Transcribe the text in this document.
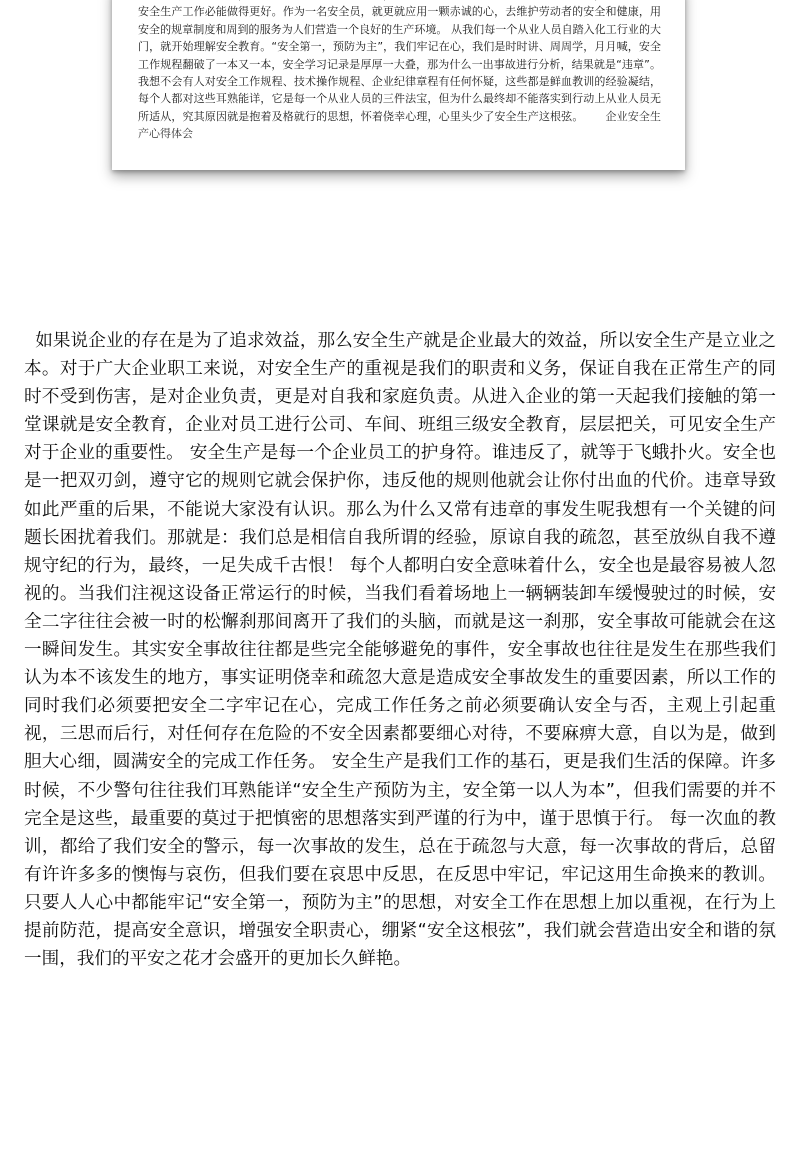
安全生产工作必能做得更好。作为一名安全员，就更就应用一颗赤诚的心，去维护劳动者的安全和健康，用安全的规章制度和周到的服务为人们营造一个良好的生产环境。 从我们每一个从业人员自踏入化工行业的大门，就开始理解安全教育。“安全第一，预防为主”，我们牢记在心，我们是时时讲、周周学，月月喊，安全工作规程翻破了一本又一本，安全学习记录是厚厚一大叠，那为什么一出事故进行分析，结果就是“违章”。我想不会有人对安全工作规程、技术操作规程、企业纪律章程有任何怀疑，这些都是鲜血教训的经验凝结，每个人都对这些耳熟能详，它是每一个从业人员的三件法宝，但为什么最终却不能落实到行动上从业人员无所适从，究其原因就是抱着及格就行的思想，怀着侥幸心理，心里头少了安全生产这根弦。 企业安全生产心得体会

如果说企业的存在是为了追求效益，那么安全生产就是企业最大的效益，所以安全生产是立业之本。对于广大企业职工来说，对安全生产的重视是我们的职责和义务，保证自我在正常生产的同时不受到伤害，是对企业负责，更是对自我和家庭负责。从进入企业的第一天起我们接触的第一堂课就是安全教育，企业对员工进行公司、车间、班组三级安全教育，层层把关，可见安全生产对于企业的重要性。 安全生产是每一个企业员工的护身符。谁违反了，就等于飞蛾扑火。安全也是一把双刃剑，遵守它的规则它就会保护你，违反他的规则他就会让你付出血的代价。违章导致如此严重的后果，不能说大家没有认识。那么为什么又常有违章的事发生呢我想有一个关键的问题长困扰着我们。那就是：我们总是相信自我所谓的经验，原谅自我的疏忽，甚至放纵自我不遵规守纪的行为，最终，一足失成千古恨！ 每个人都明白安全意味着什么，安全也是最容易被人忽视的。当我们注视这设备正常运行的时候，当我们看着场地上一辆辆装卸车缓慢驶过的时候，安全二字往往会被一时的松懈刹那间离开了我们的头脑，而就是这一刹那，安全事故可能就会在这一瞬间发生。其实安全事故往往都是些完全能够避免的事件，安全事故也往往是发生在那些我们认为本不该发生的地方，事实证明侥幸和疏忽大意是造成安全事故发生的重要因素，所以工作的同时我们必须要把安全二字牢记在心，完成工作任务之前必须要确认安全与否，主观上引起重视，三思而后行，对任何存在危险的不安全因素都要细心对待，不要麻痹大意，自以为是，做到胆大心细，圆满安全的完成工作任务。 安全生产是我们工作的基石，更是我们生活的保障。许多时候，不少警句往往我们耳熟能详“安全生产预防为主，安全第一以人为本”，但我们需要的并不完全是这些，最重要的莫过于把慎密的思想落实到严谨的行为中，谨于思慎于行。 每一次血的教训，都给了我们安全的警示，每一次事故的发生，总在于疏忽与大意，每一次事故的背后，总留有许许多多的懊悔与哀伤，但我们要在哀思中反思，在反思中牢记，牢记这用生命换来的教训。只要人人心中都能牢记“安全第一，预防为主”的思想，对安全工作在思想上加以重视，在行为上提前防范，提高安全意识，增强安全职责心，绷紧“安全这根弦”，我们就会营造出安全和谐的氛一围，我们的平安之花才会盛开的更加长久鲜艳。
